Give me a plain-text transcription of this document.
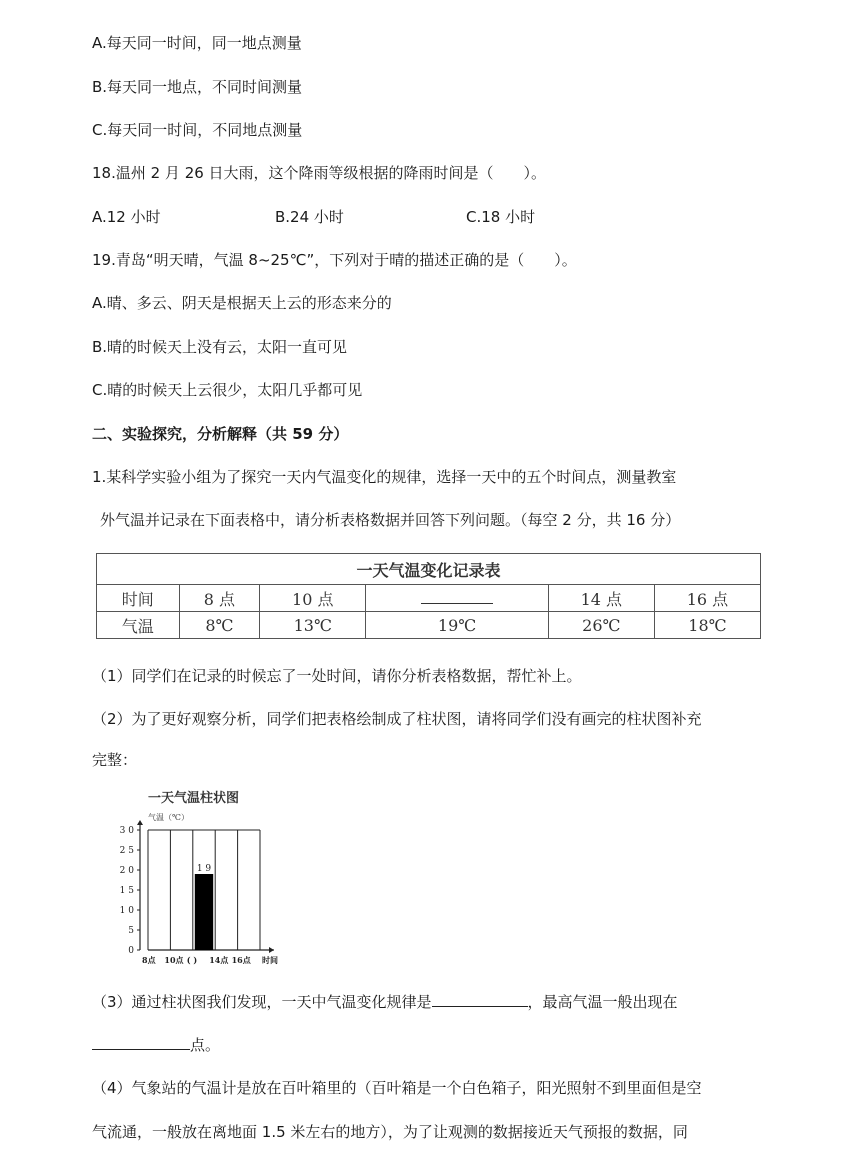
A.每天同一时间，同一地点测量
B.每天同一地点，不同时间测量
C.每天同一时间，不同地点测量
18.温州 2 月 26 日大雨，这个降雨等级根据的降雨时间是（　　）。
A.12 小时	B.24 小时	C.18 小时
19.青岛“明天晴，气温 8~25℃”，下列对于晴的描述正确的是（　　）。
A.晴、多云、阴天是根据天上云的形态来分的
B.晴的时候天上没有云，太阳一直可见
C.晴的时候天上云很少，太阳几乎都可见
二、实验探究，分析解释（共 59 分）
1.某科学实验小组为了探究一天内气温变化的规律，选择一天中的五个时间点，测量教室
外气温并记录在下面表格中，请分析表格数据并回答下列问题。（每空 2 分，共 16 分）
一天气温变化记录表					
时间	8 点	10 点		14 点	16 点
气温	8℃	13℃	19℃	26℃	18℃
（1）同学们在记录的时候忘了一处时间，请你分析表格数据，帮忙补上。
（2）为了更好观察分析，同学们把表格绘制成了柱状图，请将同学们没有画完的柱状图补充
完整：
一天气温柱状图
气温（℃）
0
5
1 0
1 5
2 0
2 5
3 0
1 9
8点 10点 ( ) 14点 16点 时间
（3）通过柱状图我们发现，一天中气温变化规律是	，最高气温一般出现在
点。
（4）气象站的气温计是放在百叶箱里的（百叶箱是一个白色箱子，阳光照射不到里面但是空
气流通，一般放在离地面 1.5 米左右的地方），为了让观测的数据接近天气预报的数据，同
